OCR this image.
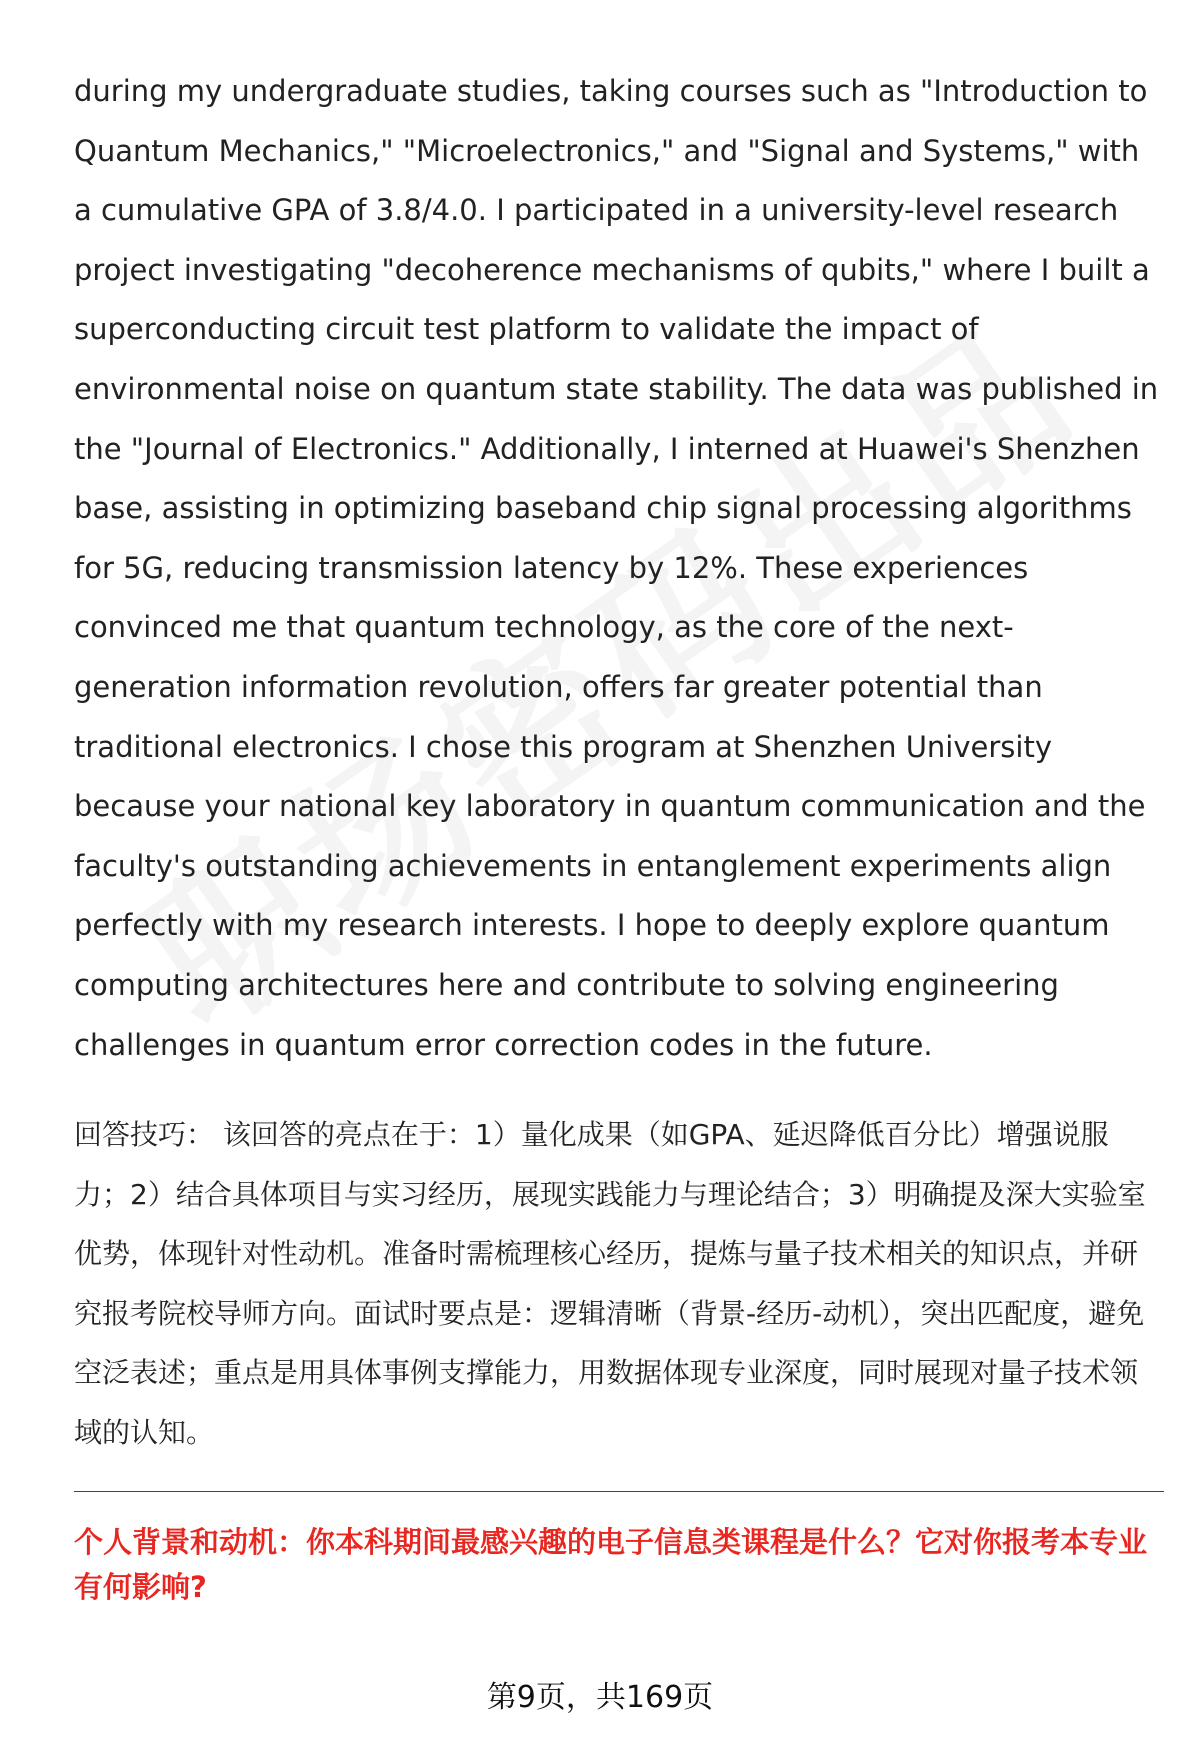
during my undergraduate studies, taking courses such as "Introduction to Quantum Mechanics," "Microelectronics," and "Signal and Systems," with a cumulative GPA of 3.8/4.0. I participated in a university-level research project investigating "decoherence mechanisms of qubits," where I built a superconducting circuit test platform to validate the impact of environmental noise on quantum state stability. The data was published in the "Journal of Electronics." Additionally, I interned at Huawei's Shenzhen base, assisting in optimizing baseband chip signal processing algorithms for 5G, reducing transmission latency by 12%. These experiences convinced me that quantum technology, as the core of the next-generation information revolution, offers far greater potential than traditional electronics. I chose this program at Shenzhen University because your national key laboratory in quantum communication and the faculty's outstanding achievements in entanglement experiments align perfectly with my research interests. I hope to deeply explore quantum computing architectures here and contribute to solving engineering challenges in quantum error correction codes in the future.

回答技巧： 该回答的亮点在于：1）量化成果（如GPA、延迟降低百分比）增强说服力；2）结合具体项目与实习经历，展现实践能力与理论结合；3）明确提及深大实验室优势，体现针对性动机。准备时需梳理核心经历，提炼与量子技术相关的知识点，并研究报考院校导师方向。面试时要点是：逻辑清晰（背景-经历-动机），突出匹配度，避免空泛表述；重点是用具体事例支撑能力，用数据体现专业深度，同时展现对量子技术领域的认知。

个人背景和动机：你本科期间最感兴趣的电子信息类课程是什么？它对你报考本专业有何影响?

第9页，共169页
